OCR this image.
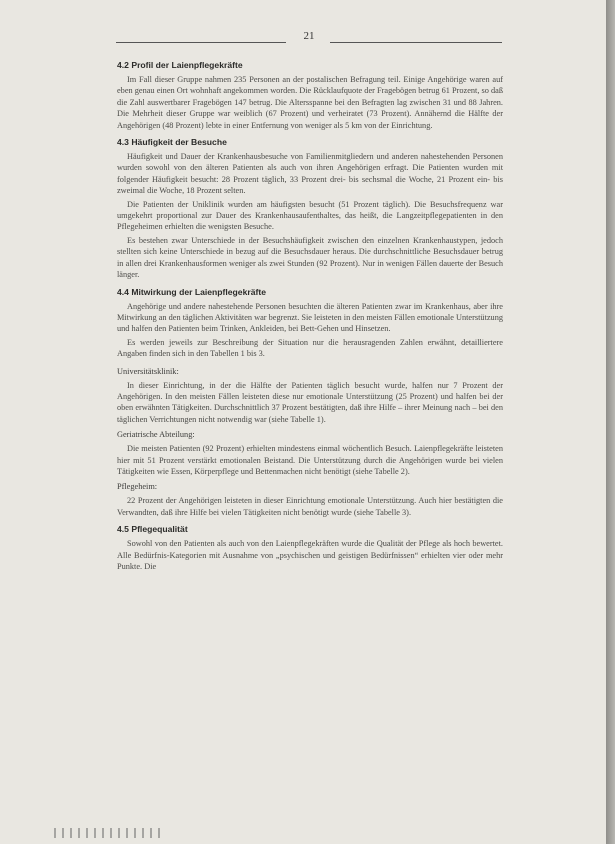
21
4.2 Profil der Laienpflegekräfte

Im Fall dieser Gruppe nahmen 235 Personen an der postalischen Befragung teil. Einige Angehörige waren auf eben genau einen Ort wohnhaft angekommen worden. Die Rücklaufquote der Fragebögen betrug 61 Prozent, so daß die Zahl auswertbarer Fragebögen 147 betrug. Die Altersspanne bei den Befragten lag zwischen 31 und 88 Jahren. Die Mehrheit dieser Gruppe war weiblich (67 Prozent) und verheiratet (73 Prozent). Annähernd die Hälfte der Angehörigen (48 Prozent) lebte in einer Entfernung von weniger als 5 km von der Einrichtung.

4.3 Häufigkeit der Besuche

Häufigkeit und Dauer der Krankenhausbesuche von Familienmitgliedern und anderen nahestehenden Personen wurden sowohl von den älteren Patienten als auch von ihren Angehörigen erfragt. Die Patienten wurden mit folgender Häufigkeit besucht: 28 Prozent täglich, 33 Prozent drei- bis sechsmal die Woche, 21 Prozent ein- bis zweimal die Woche, 18 Prozent selten.

Die Patienten der Uniklinik wurden am häufigsten besucht (51 Prozent täglich). Die Besuchsfrequenz war umgekehrt proportional zur Dauer des Krankenhausaufenthaltes, das heißt, die Langzeitpflegepatienten in den Pflegeheimen erhielten die wenigsten Besuche.

Es bestehen zwar Unterschiede in der Besuchshäufigkeit zwischen den einzelnen Krankenhaustypen, jedoch stellten sich keine Unterschiede in bezug auf die Besuchsdauer heraus. Die durchschnittliche Besuchsdauer betrug in allen drei Krankenhausformen weniger als zwei Stunden (92 Prozent). Nur in wenigen Fällen dauerte der Besuch länger.

4.4 Mitwirkung der Laienpflegekräfte

Angehörige und andere nahestehende Personen besuchten die älteren Patienten zwar im Krankenhaus, aber ihre Mitwirkung an den täglichen Aktivitäten war begrenzt. Sie leisteten in den meisten Fällen emotionale Unterstützung und halfen den Patienten beim Trinken, Ankleiden, bei Bett-Gehen und Hinsetzen.

Es werden jeweils zur Beschreibung der Situation nur die herausragenden Zahlen erwähnt, detailliertere Angaben finden sich in den Tabellen 1 bis 3.

Universitätsklinik:

In dieser Einrichtung, in der die Hälfte der Patienten täglich besucht wurde, halfen nur 7 Prozent der Angehörigen. In den meisten Fällen leisteten diese nur emotionale Unterstützung (25 Prozent) und halfen bei der oben erwähnten Tätigkeiten. Durchschnittlich 37 Prozent bestätigten, daß ihre Hilfe – ihrer Meinung nach – bei den täglichen Verrichtungen nicht notwendig war (siehe Tabelle 1).

Geriatrische Abteilung:

Die meisten Patienten (92 Prozent) erhielten mindestens einmal wöchentlich Besuch. Laienpflegekräfte leisteten hier mit 51 Prozent verstärkt emotionalen Beistand. Die Unterstützung durch die Angehörigen wurde bei vielen Tätigkeiten wie Essen, Körperpflege und Bettenmachen nicht benötigt (siehe Tabelle 2).

Pflegeheim:

22 Prozent der Angehörigen leisteten in dieser Einrichtung emotionale Unterstützung. Auch hier bestätigten die Verwandten, daß ihre Hilfe bei vielen Tätigkeiten nicht benötigt wurde (siehe Tabelle 3).

4.5 Pflegequalität

Sowohl von den Patienten als auch von den Laienpflegekräften wurde die Qualität der Pflege als hoch bewertet. Alle Bedürfnis-Kategorien mit Ausnahme von „psychischen und geistigen Bedürfnissen“ erhielten vier oder mehr Punkte. Die
